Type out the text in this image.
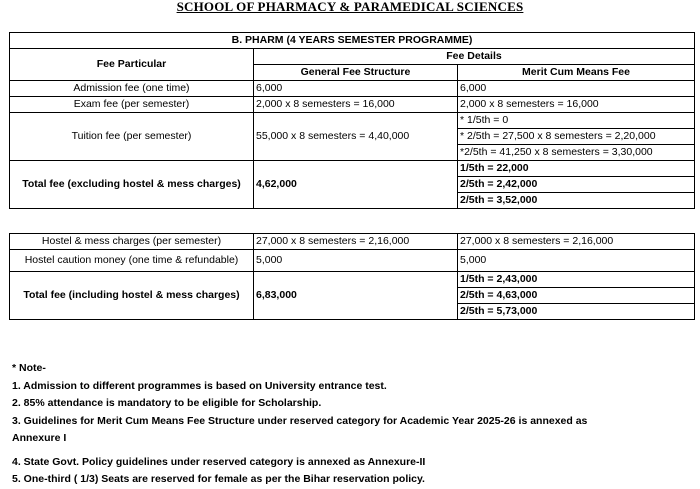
SCHOOL OF PHARMACY & PARAMEDICAL SCIENCES
B. PHARM (4 YEARS SEMESTER PROGRAMME)		
Fee Particular	Fee Details	
	General Fee Structure	Merit Cum Means Fee
Admission fee (one time)	6,000	6,000
Exam fee (per semester)	2,000 x 8 semesters = 16,000	2,000 x 8 semesters = 16,000
Tuition fee (per semester)	55,000 x 8 semesters = 4,40,000	* 1/5th = 0
		* 2/5th = 27,500 x 8 semesters = 2,20,000
		*2/5th = 41,250 x 8 semesters = 3,30,000
Total fee (excluding hostel & mess charges)	4,62,000	1/5th = 22,000
		2/5th = 2,42,000
		2/5th = 3,52,000
Hostel & mess charges (per semester)	27,000 x 8 semesters = 2,16,000	27,000 x 8 semesters = 2,16,000
Hostel caution money (one time & refundable)	5,000	5,000
Total fee (including hostel & mess charges)	6,83,000	1/5th = 2,43,000
		2/5th = 4,63,000
		2/5th = 5,73,000
* Note-
1. Admission to different programmes is based on University entrance test.
2. 85% attendance is mandatory to be eligible for Scholarship.
3. Guidelines for Merit Cum Means Fee Structure under reserved category for Academic Year 2025-26 is annexed as
Annexure I
4. State Govt. Policy guidelines under reserved category is annexed as Annexure-II
5. One-third ( 1/3) Seats are reserved for female as per the Bihar reservation policy.
